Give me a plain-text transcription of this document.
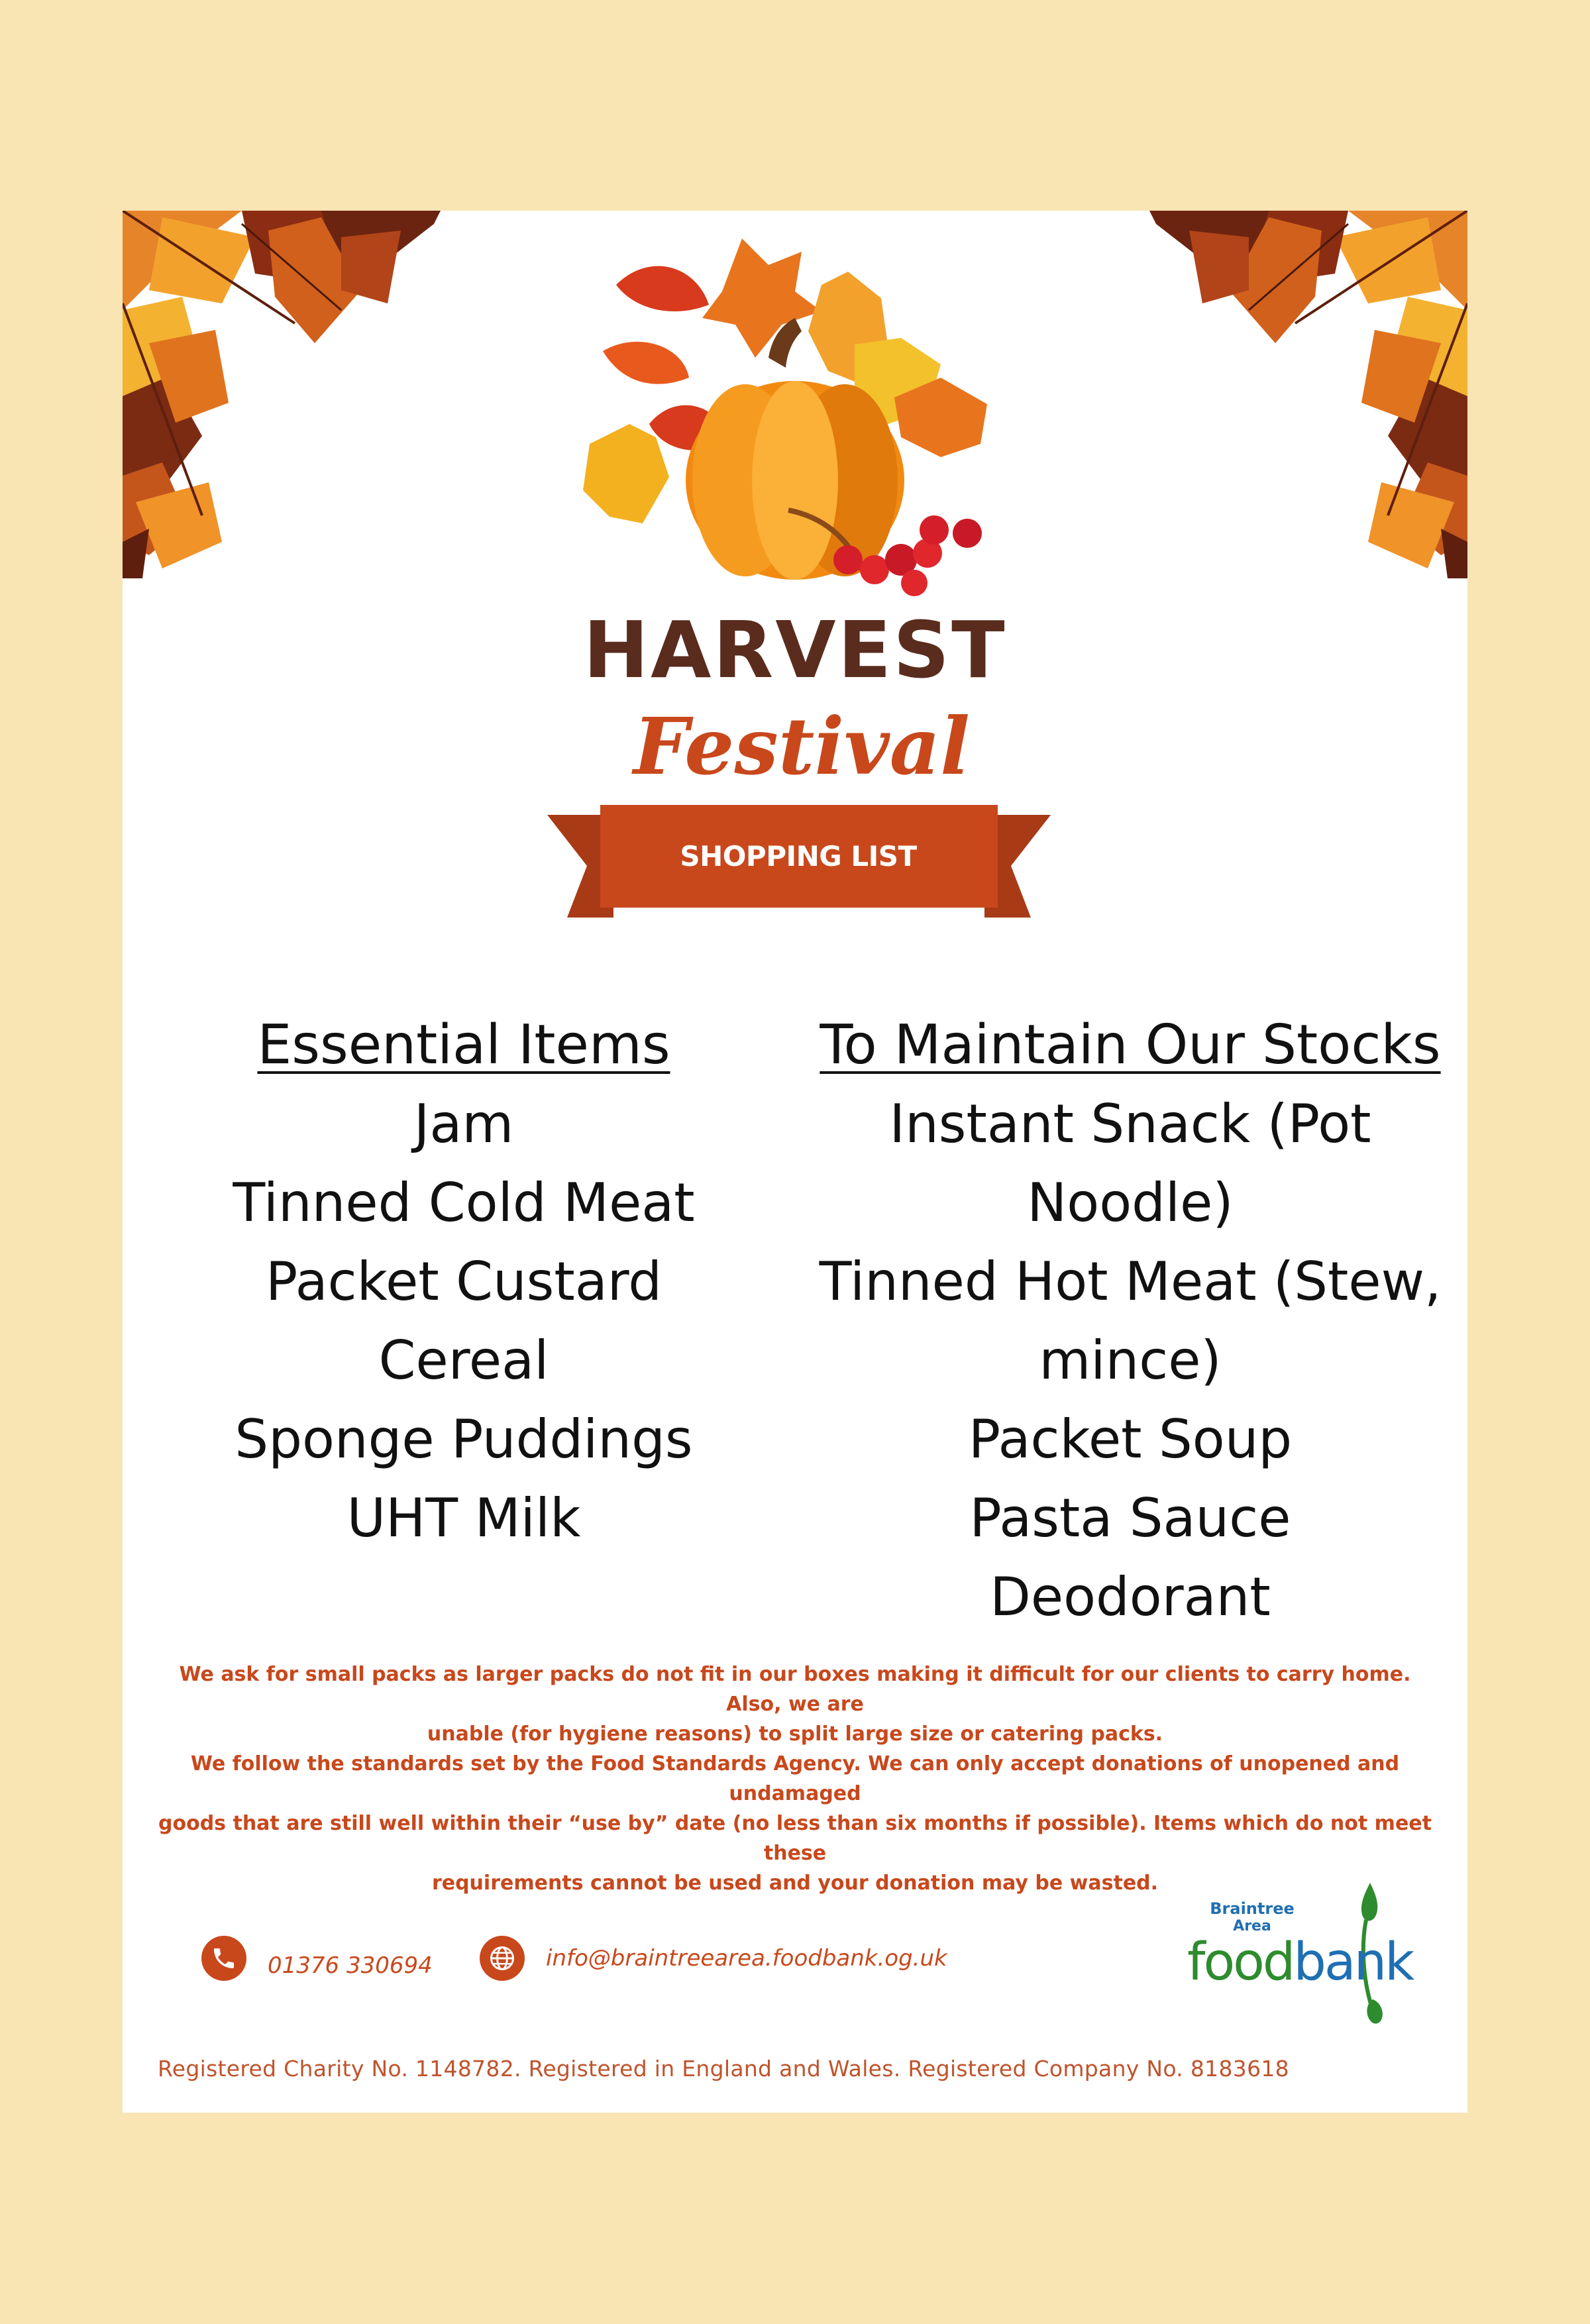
HARVEST
Festival
SHOPPING LIST
Essential Items
Jam
Tinned Cold Meat
Packet Custard
Cereal
Sponge Puddings
UHT Milk
To Maintain Our Stocks
Instant Snack (Pot
Noodle)
Tinned Hot Meat (Stew,
mince)
Packet Soup
Pasta Sauce
Deodorant
We ask for small packs as larger packs do not fit in our boxes making it difficult for our clients to carry home. Also, we are
unable (for hygiene reasons) to split large size or catering packs.
We follow the standards set by the Food Standards Agency. We can only accept donations of unopened and undamaged
goods that are still well within their “use by” date (no less than six months if possible). Items which do not meet these
requirements cannot be used and your donation may be wasted.
01376 330694	info@braintreearea.foodbank.og.uk
Braintree
Area
foodbank
Registered Charity No. 1148782. Registered in England and Wales. Registered Company No. 8183618
